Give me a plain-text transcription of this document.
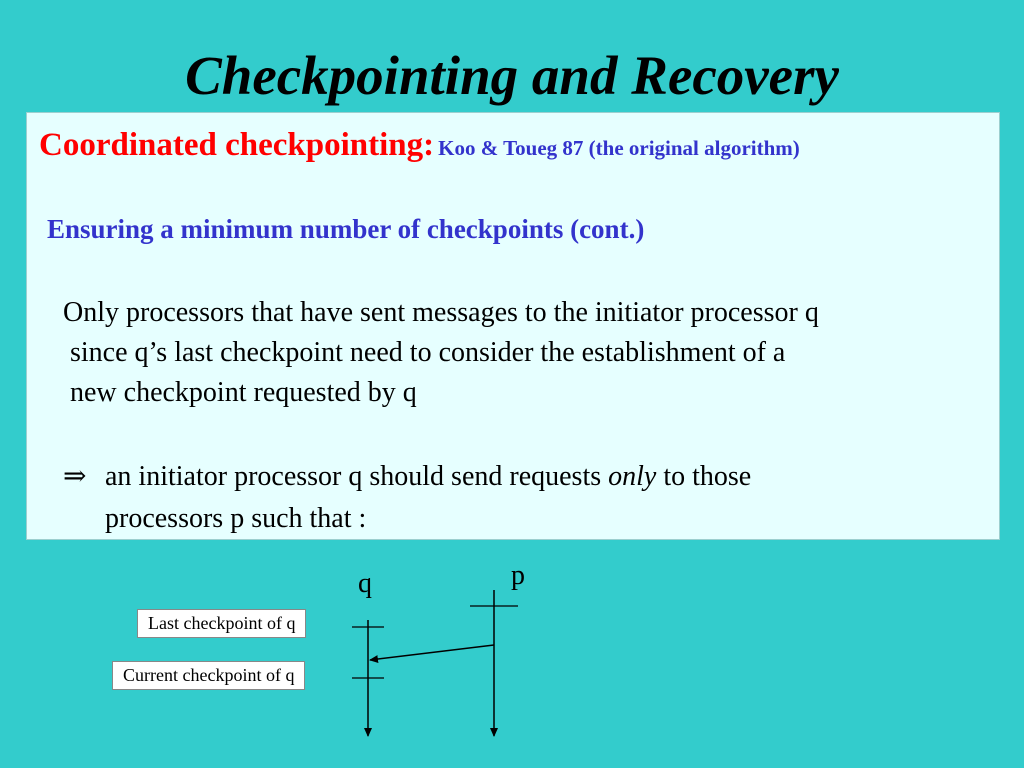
Checkpointing and Recovery
Coordinated checkpointing: Koo & Toueg 87 (the original algorithm)
Ensuring a minimum number of checkpoints (cont.)
Only processors that have sent messages to the initiator processor q
since q’s last checkpoint need to consider the establishment of a
new checkpoint requested by q
⇒ an initiator processor q should send requests only to those
processors p such that :
q	p
Last checkpoint of q
Current checkpoint of q
